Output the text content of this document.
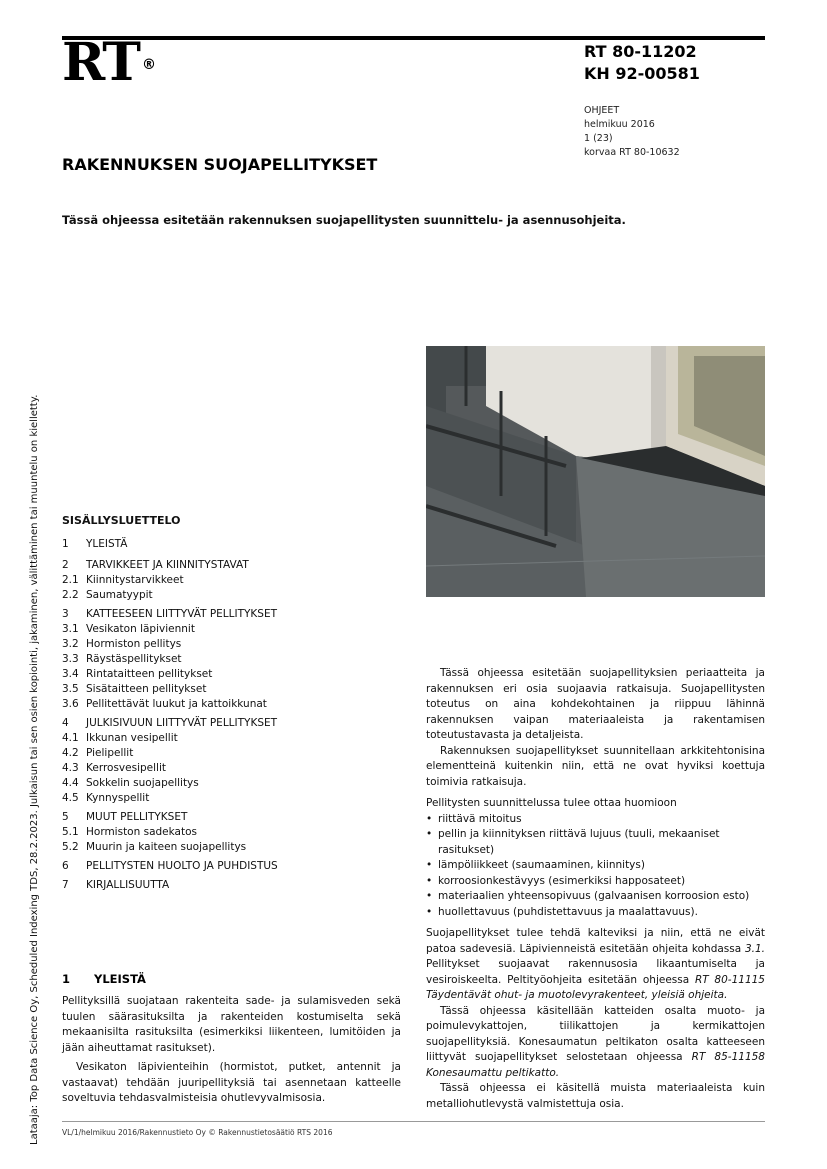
RT ®
RT 80-11202
KH 92-00581
OHJEET
helmikuu 2016
1 (23)
korvaa RT 80-10632
RAKENNUKSEN SUOJAPELLITYKSET
Tässä ohjeessa esitetään rakennuksen suojapellitysten suunnittelu- ja asennusohjeita.
Lataaja: Top Data Science Oy, Scheduled Indexing TDS, 28.2.2023. Julkaisun tai sen osien kopiointi, jakaminen, välittäminen tai muuntelu on kielletty. SISÄLLYSLUETTELO
1	YLEISTÄ
2	TARVIKKEET JA KIINNITYSTAVAT
2.1 Kiinnitystarvikkeet
2.2 Saumatyypit
3	KATTEESEEN LIITTYVÄT PELLITYKSET
3.1 Vesikaton läpiviennit
3.2 Hormiston pellitys
3.3 Räystäspellitykset
3.4 Rintataitteen pellitykset
3.5 Sisätaitteen pellitykset
3.6 Pellitettävät luukut ja kattoikkunat
4	JULKISIVUUN LIITTYVÄT PELLITYKSET
4.1 Ikkunan vesipellit
4.2 Pielipellit
4.3 Kerrosvesipellit
4.4 Sokkelin suojapellitys
4.5 Kynnyspellit
5	MUUT PELLITYKSET
5.1 Hormiston sadekatos
5.2 Muurin ja kaiteen suojapellitys
6	PELLITYSTEN HUOLTO JA PUHDISTUS
7	KIRJALLISUUTTA
1 YLEISTÄ

Pellityksillä suojataan rakenteita sade- ja sulamisveden sekä tuulen säärasituksilta ja rakenteiden kostumiselta sekä mekaanisilta rasituksilta (esimerkiksi liikenteen, lumitöiden ja jään aiheuttamat rasitukset).

Vesikaton läpivienteihin (hormistot, putket, antennit ja vastaavat) tehdään juuripellityksiä tai asennetaan katteelle soveltuvia tehdasvalmisteisia ohutlevyvalmisosia.

Tässä ohjeessa esitetään suojapellityksien periaatteita ja rakennuksen eri osia suojaavia ratkaisuja. Suojapellitysten toteutus on aina kohdekohtainen ja riippuu lähinnä rakennuksen vaipan materiaaleista ja rakentamisen toteutustavasta ja detaljeista.

Rakennuksen suojapellitykset suunnitellaan arkkitehtonisina elementteinä kuitenkin niin, että ne ovat hyviksi koettuja toimivia ratkaisuja.

Pellitysten suunnittelussa tulee ottaa huomioon

• riittävä mitoitus
• pellin ja kiinnityksen riittävä lujuus (tuuli, mekaaniset rasitukset)
• lämpöliikkeet (saumaaminen, kiinnitys)
• korroosionkestävyys (esimerkiksi happosateet)
• materiaalien yhteensopivuus (galvaanisen korroosion esto)
• huollettavuus (puhdistettavuus ja maalattavuus).

Suojapellitykset tulee tehdä kalteviksi ja niin, että ne eivät patoa sadevesiä. Läpivienneistä esitetään ohjeita kohdassa 3.1. Pellitykset suojaavat rakennusosia likaantumiselta ja vesiroiskeelta. Peltityöohjeita esitetään ohjeessa RT 80-11115 Täydentävät ohut- ja muotolevyrakenteet, yleisiä ohjeita.

Tässä ohjeessa käsitellään katteiden osalta muoto- ja poimulevykattojen, tiilikattojen ja kermikattojen suojapellityksiä. Konesaumatun peltikaton osalta katteeseen liittyvät suojapellitykset selostetaan ohjeessa RT 85-11158 Konesaumattu peltikatto.

Tässä ohjeessa ei käsitellä muista materiaaleista kuin metalliohutlevystä valmistettuja osia.

VL/1/helmikuu 2016/Rakennustieto Oy © Rakennustietosäätiö RTS 2016
